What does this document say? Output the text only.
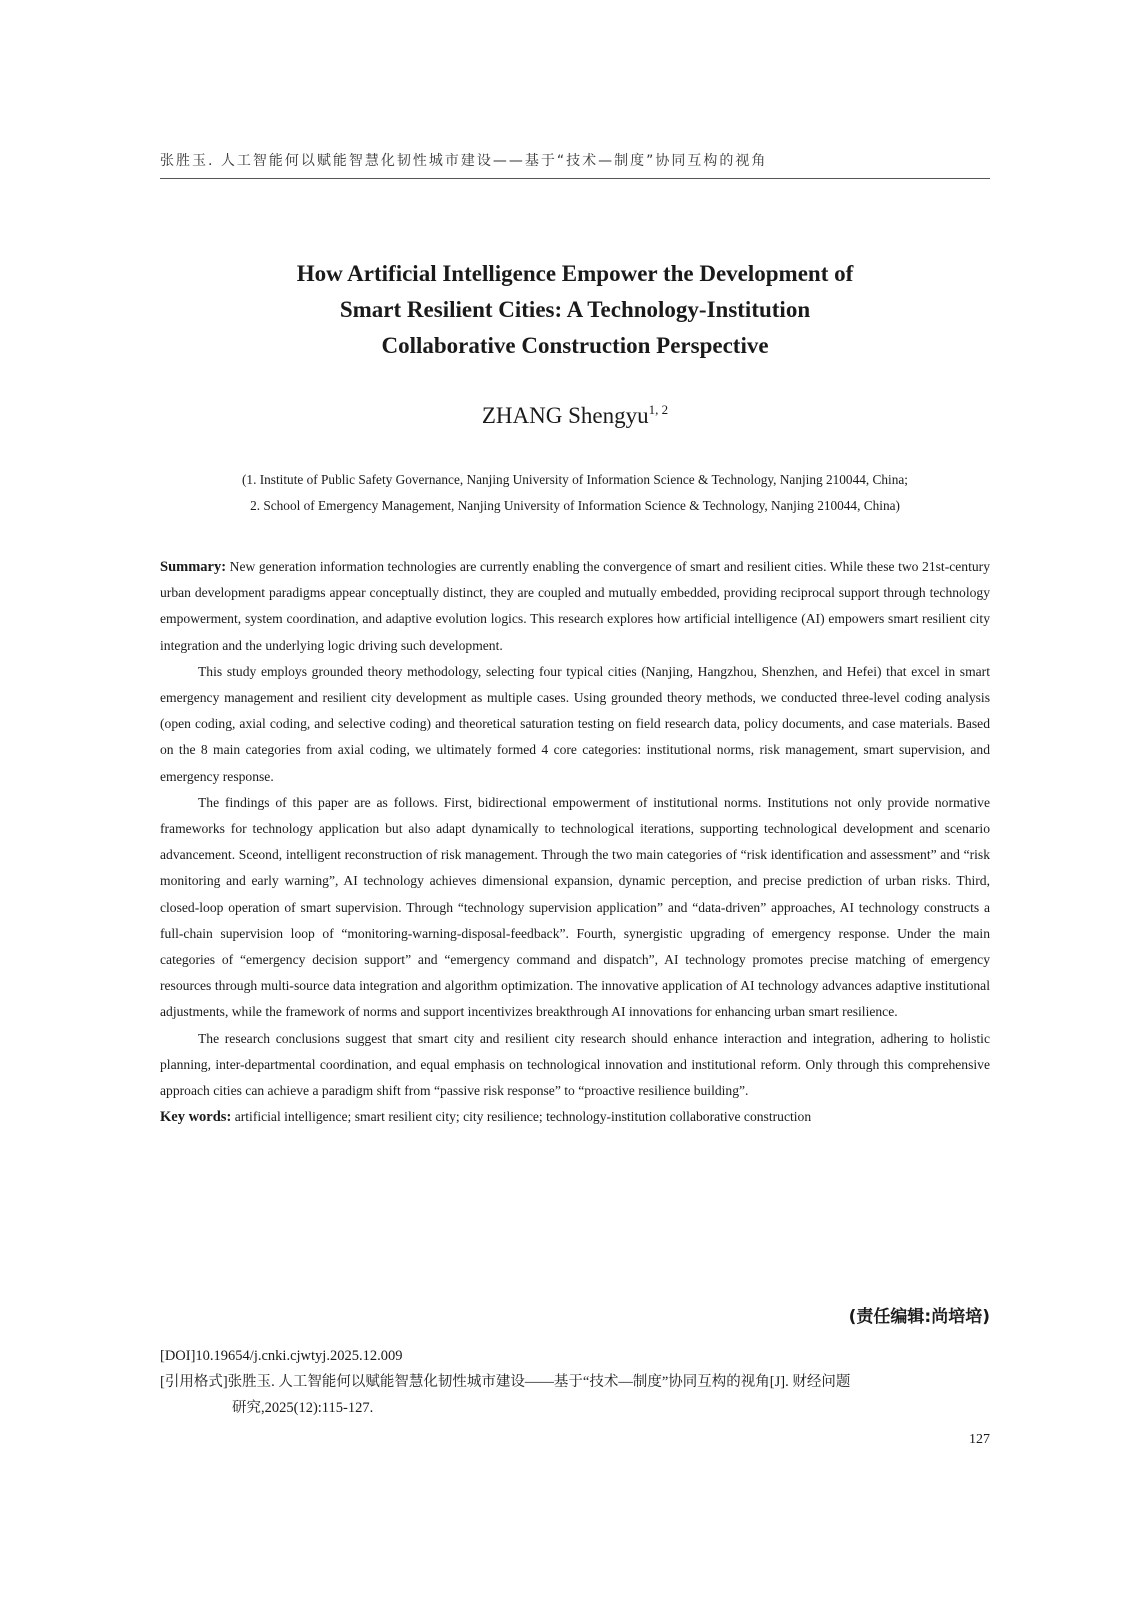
张胜玉. 人工智能何以赋能智慧化韧性城市建设——基于“技术—制度”协同互构的视角
How Artificial Intelligence Empower the Development of
Smart Resilient Cities: A Technology-Institution
Collaborative Construction Perspective
ZHANG Shengyu$^{1, 2}$
(1. Institute of Public Safety Governance, Nanjing University of Information Science & Technology, Nanjing 210044, China;
2. School of Emergency Management, Nanjing University of Information Science & Technology, Nanjing 210044, China)

Summary: New generation information technologies are currently enabling the convergence of smart and resilient cities. While these two 21st-century urban development paradigms appear conceptually distinct, they are coupled and mutually embedded, providing reciprocal support through technology empowerment, system coordination, and adaptive evolution logics. This research explores how artificial intelligence (AI) empowers smart resilient city integration and the underlying logic driving such development.

This study employs grounded theory methodology, selecting four typical cities (Nanjing, Hangzhou, Shenzhen, and Hefei) that excel in smart emergency management and resilient city development as multiple cases. Using grounded theory methods, we conducted three-level coding analysis (open coding, axial coding, and selective coding) and theoretical saturation testing on field research data, policy documents, and case materials. Based on the 8 main categories from axial coding, we ultimately formed 4 core categories: institutional norms, risk management, smart supervision, and emergency response.

The findings of this paper are as follows. First, bidirectional empowerment of institutional norms. Institutions not only provide normative frameworks for technology application but also adapt dynamically to technological iterations, supporting technological development and scenario advancement. Sceond, intelligent reconstruction of risk management. Through the two main categories of “risk identification and assessment” and “risk monitoring and early warning”, AI technology achieves dimensional expansion, dynamic perception, and precise prediction of urban risks. Third, closed-loop operation of smart supervision. Through “technology supervision application” and “data-driven” approaches, AI technology constructs a full-chain supervision loop of “monitoring-warning-disposal-feedback”. Fourth, synergistic upgrading of emergency response. Under the main categories of “emergency decision support” and “emergency command and dispatch”, AI technology promotes precise matching of emergency resources through multi-source data integration and algorithm optimization. The innovative application of AI technology advances adaptive institutional adjustments, while the framework of norms and support incentivizes breakthrough AI innovations for enhancing urban smart resilience.

The research conclusions suggest that smart city and resilient city research should enhance interaction and integration, adhering to holistic planning, inter-departmental coordination, and equal emphasis on technological innovation and institutional reform. Only through this comprehensive approach cities can achieve a paradigm shift from “passive risk response” to “proactive resilience building”.

Key words: artificial intelligence; smart resilient city; city resilience; technology-institution collaborative construction

(责任编辑:尚培培)
[DOI]10.19654/j.cnki.cjwtyj.2025.12.009
[引用格式]张胜玉. 人工智能何以赋能智慧化韧性城市建设——基于“技术—制度”协同互构的视角[J]. 财经问题
研究,2025(12):115-127.
127
